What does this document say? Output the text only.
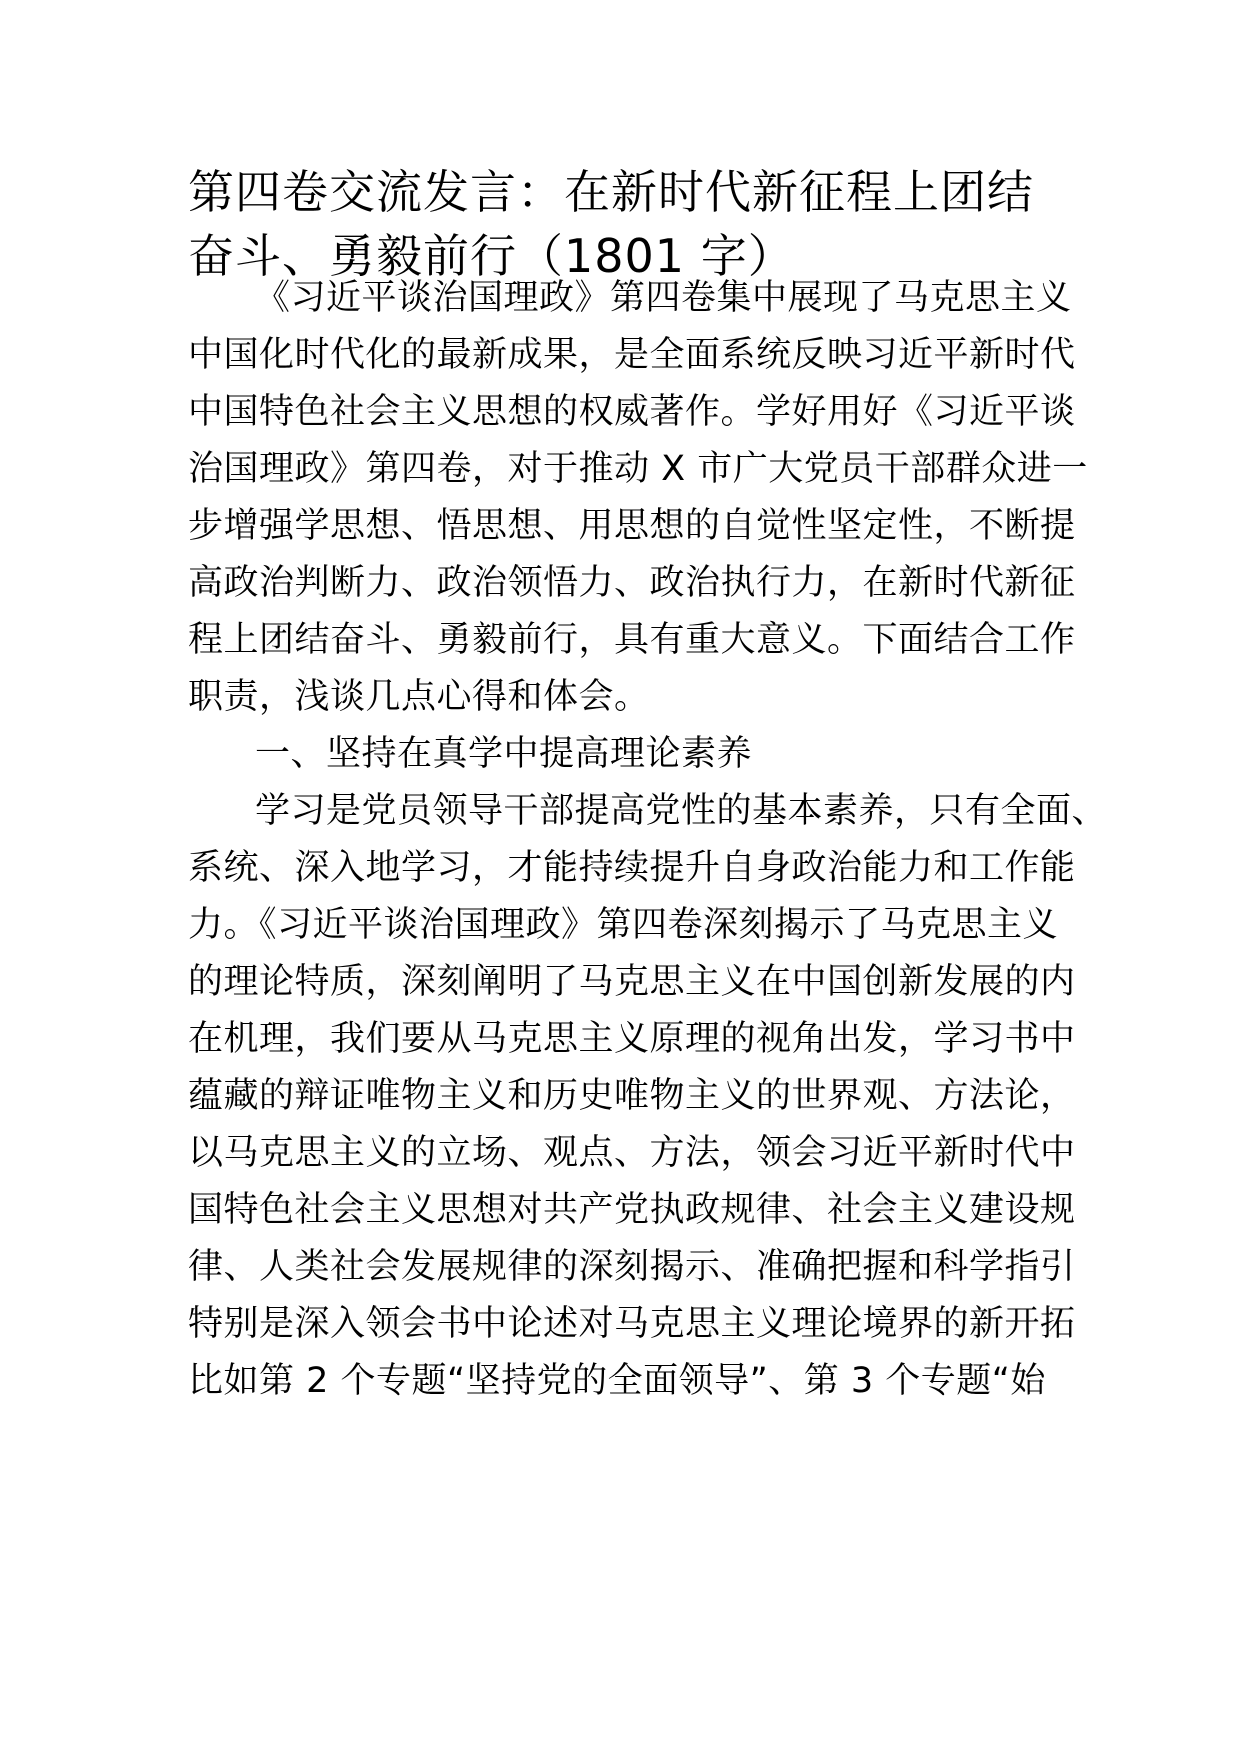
第四卷交流发言：在新时代新征程上团结
奋斗、勇毅前行（1801 字）
《习近平谈治国理政》第四卷集中展现了马克思主义
中国化时代化的最新成果，是全面系统反映习近平新时代
中国特色社会主义思想的权威著作。学好用好《习近平谈
治国理政》第四卷，对于推动 X 市广大党员干部群众进一
步增强学思想、悟思想、用思想的自觉性坚定性，不断提
高政治判断力、政治领悟力、政治执行力，在新时代新征
程上团结奋斗、勇毅前行，具有重大意义。下面结合工作
职责，浅谈几点心得和体会。
一、坚持在真学中提高理论素养
学习是党员领导干部提高党性的基本素养，只有全面、
系统、深入地学习，才能持续提升自身政治能力和工作能
力。《习近平谈治国理政》第四卷深刻揭示了马克思主义
的理论特质，深刻阐明了马克思主义在中国创新发展的内
在机理，我们要从马克思主义原理的视角出发，学习书中
蕴藏的辩证唯物主义和历史唯物主义的世界观、方法论，
以马克思主义的立场、观点、方法，领会习近平新时代中
国特色社会主义思想对共产党执政规律、社会主义建设规
律、人类社会发展规律的深刻揭示、准确把握和科学指引
特别是深入领会书中论述对马克思主义理论境界的新开拓
比如第 2 个专题“坚持党的全面领导”、第 3 个专题“始
